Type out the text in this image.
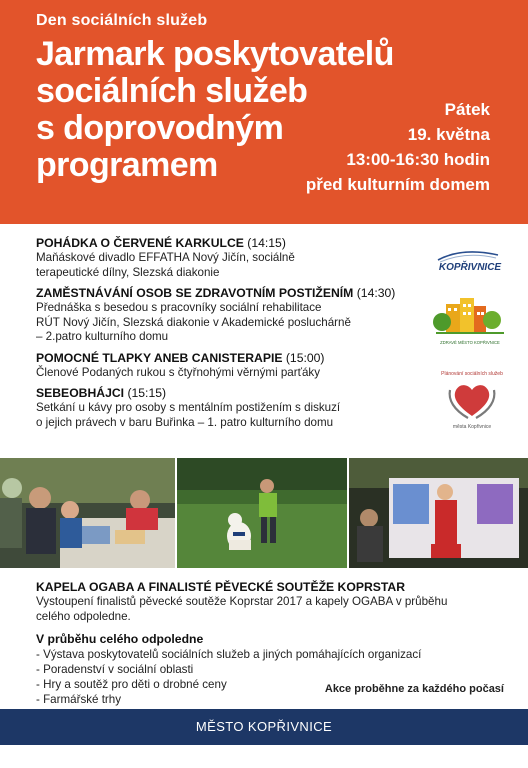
Den sociálních služeb
Jarmark poskytovatelů
sociálních služeb
s doprovodným
programem
Pátek
19. května
13:00-16:30 hodin
před kulturním domem
POHÁDKA O ČERVENÉ KARKULCE (14:15)
Maňáskové divadlo EFFATHA Nový Jičín, sociálně
terapeutické dílny, Slezská diakonie
ZAMĚSTNÁVÁNÍ OSOB SE ZDRAVOTNÍM POSTIŽENÍM (14:30)
Přednáška s besedou s pracovníky sociální rehabilitace
RÚT Nový Jičín, Slezská diakonie v Akademické posluchárně
– 2.patro kulturního domu
POMOCNÉ TLAPKY ANEB CANISTERAPIE (15:00)
Členové Podaných rukou s čtyřnohými věrnými parťáky
SEBEOBHÁJCI (15:15)
Setkání u kávy pro osoby s mentálním postižením s diskuzí
o jejich právech v baru Buřinka – 1. patro kulturního domu
KOPŘIVNICE
ZDRAVÉ MĚSTO KOPŘIVNICE
Plánování sociálních služeb
města Kopřivnice
KAPELA OGABA A FINALISTÉ PĚVECKÉ SOUTĚŽE KOPRSTAR
Vystoupení finalistů pěvecké soutěže Koprstar 2017 a kapely OGABA v průběhu
celého odpoledne.
V průběhu celého odpoledne
- Výstava poskytovatelů sociálních služeb a jiných pomáhajících organizací
- Poradenství v sociální oblasti
- Hry a soutěž pro děti o drobné ceny
- Farmářské trhy
Akce proběhne za každého počasí
MĚSTO KOPŘIVNICE
